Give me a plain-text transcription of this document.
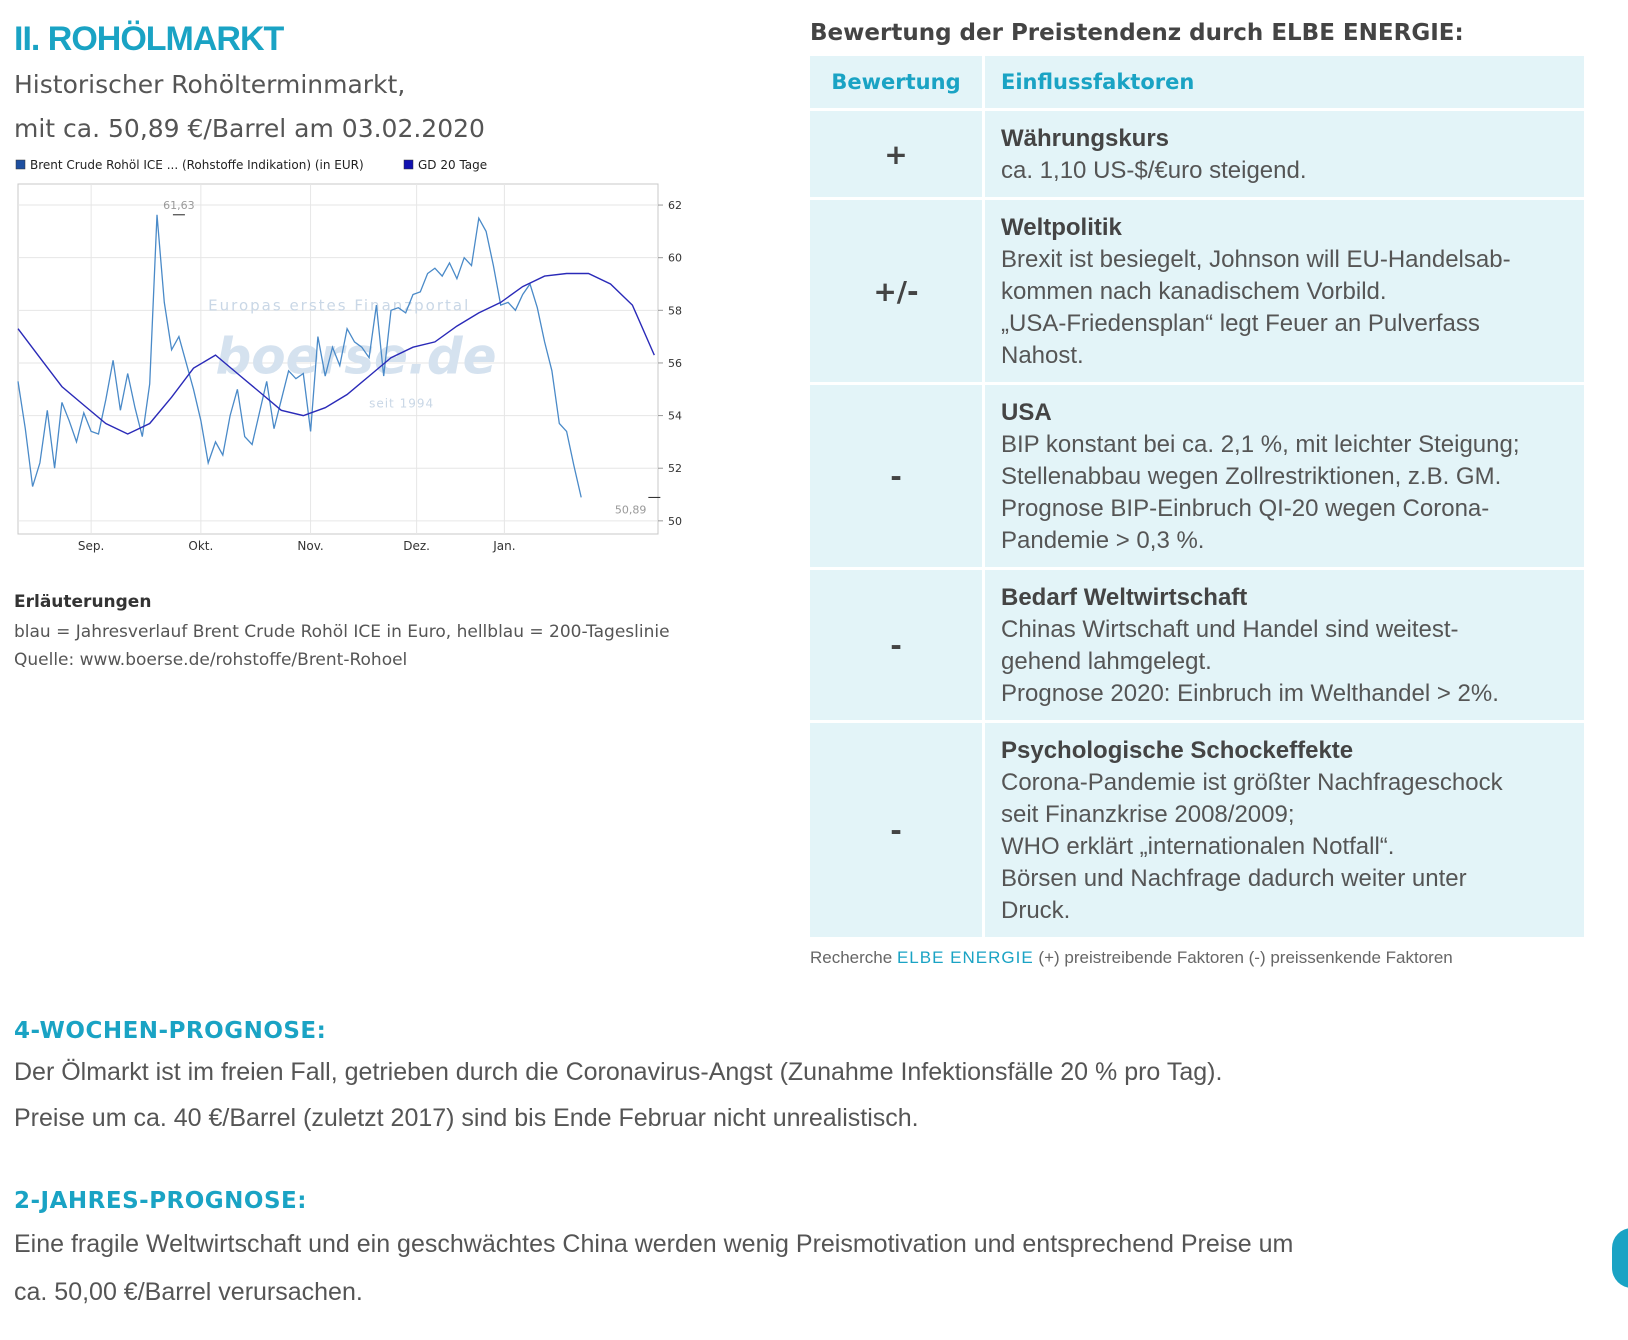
II. ROHÖLMARKT
Historischer Rohölterminmarkt,
mit ca. 50,89 €/Barrel am 03.02.2020
Brent Crude Rohöl ICE ... (Rohstoffe Indikation) (in EUR)	GD 20 Tage
Europas erstes Finanzportal
boerse.de
seit 1994
61,63
50,89
62
60
58
56
54
52
50
Sep.	Okt.	Nov.	Dez.	Jan.
Erläuterungen
blau = Jahresverlauf Brent Crude Rohöl ICE in Euro, hellblau = 200-Tageslinie
Quelle: www.boerse.de/rohstoffe/Brent-Rohoel
Bewertung der Preistendenz durch ELBE ENERGIE:
Bewertung	Einflussfaktoren
+	Währungskurs
ca. 1,10 US-$/€uro steigend.
+/-
Weltpolitik
Brexit ist besiegelt, Johnson will EU-Handelsab-
kommen nach kanadischem Vorbild.
„USA-Friedensplan“ legt Feuer an Pulverfass
Nahost.
-
USA
BIP konstant bei ca. 2,1 %, mit leichter Steigung;
Stellenabbau wegen Zollrestriktionen, z.B. GM.
Prognose BIP-Einbruch QI-20 wegen Corona-
Pandemie > 0,3 %.
-
Bedarf Weltwirtschaft
Chinas Wirtschaft und Handel sind weitest-
gehend lahmgelegt.
Prognose 2020: Einbruch im Welthandel > 2%.
-
Psychologische Schockeffekte
Corona-Pandemie ist größter Nachfrageschock
seit Finanzkrise 2008/2009;
WHO erklärt „internationalen Notfall“.
Börsen und Nachfrage dadurch weiter unter
Druck.
Recherche ELBE ENERGIE (+) preistreibende Faktoren (-) preissenkende Faktoren
4-WOCHEN-PROGNOSE:
Der Ölmarkt ist im freien Fall, getrieben durch die Coronavirus-Angst (Zunahme Infektionsfälle 20 % pro Tag).
Preise um ca. 40 €/Barrel (zuletzt 2017) sind bis Ende Februar nicht unrealistisch.
2-JAHRES-PROGNOSE:
Eine fragile Weltwirtschaft und ein geschwächtes China werden wenig Preismotivation und entsprechend Preise um
ca. 50,00 €/Barrel verursachen.
